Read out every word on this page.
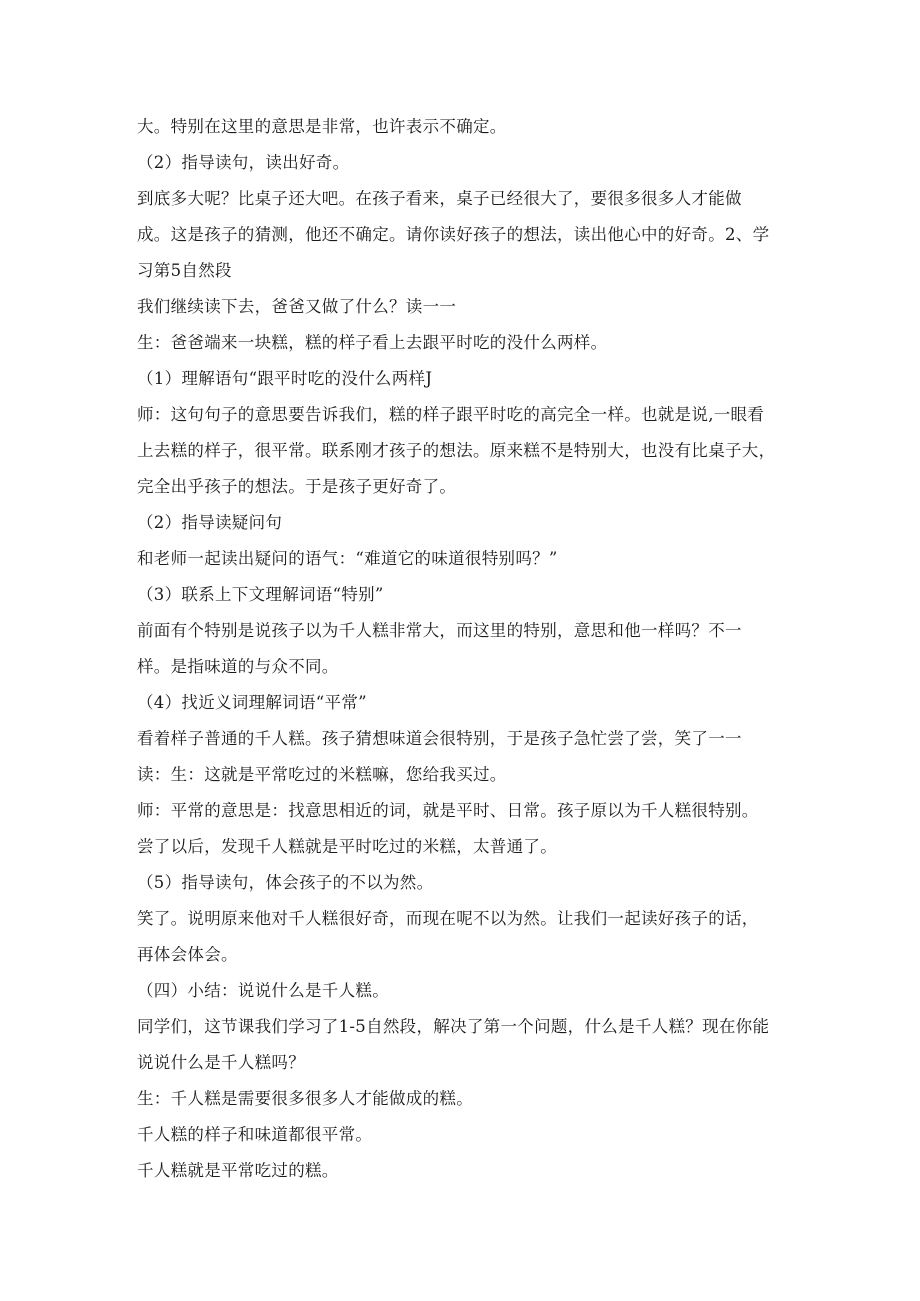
大。特别在这里的意思是非常，也许表示不确定。
（2）指导读句，读出好奇。
到底多大呢？比桌子还大吧。在孩子看来，桌子已经很大了，要很多很多人才能做
成。这是孩子的猜测，他还不确定。请你读好孩子的想法，读出他心中的好奇。2、学
习第5自然段
我们继续读下去，爸爸又做了什么？读一一
生：爸爸端来一块糕，糕的样子看上去跟平时吃的没什么两样。
（1）理解语句“跟平时吃的没什么两样J
师：这句句子的意思要告诉我们，糕的样子跟平时吃的高完全一样。也就是说,一眼看
上去糕的样子，很平常。联系刚才孩子的想法。原来糕不是特别大，也没有比桌子大，
完全出乎孩子的想法。于是孩子更好奇了。
（2）指导读疑问句
和老师一起读出疑问的语气：“难道它的味道很特别吗？”
（3）联系上下文理解词语“特别”
前面有个特别是说孩子以为千人糕非常大，而这里的特别，意思和他一样吗？不一
样。是指味道的与众不同。
（4）找近义词理解词语“平常”
看着样子普通的千人糕。孩子猜想味道会很特别，于是孩子急忙尝了尝，笑了一一
读：生：这就是平常吃过的米糕嘛，您给我买过。
师：平常的意思是：找意思相近的词，就是平时、日常。孩子原以为千人糕很特别。
尝了以后，发现千人糕就是平时吃过的米糕，太普通了。
（5）指导读句，体会孩子的不以为然。
笑了。说明原来他对千人糕很好奇，而现在呢不以为然。让我们一起读好孩子的话，
再体会体会。
（四）小结：说说什么是千人糕。
同学们，这节课我们学习了1-5自然段，解决了第一个问题，什么是千人糕？现在你能
说说什么是千人糕吗？
生：千人糕是需要很多很多人才能做成的糕。
千人糕的样子和味道都很平常。
千人糕就是平常吃过的糕。
